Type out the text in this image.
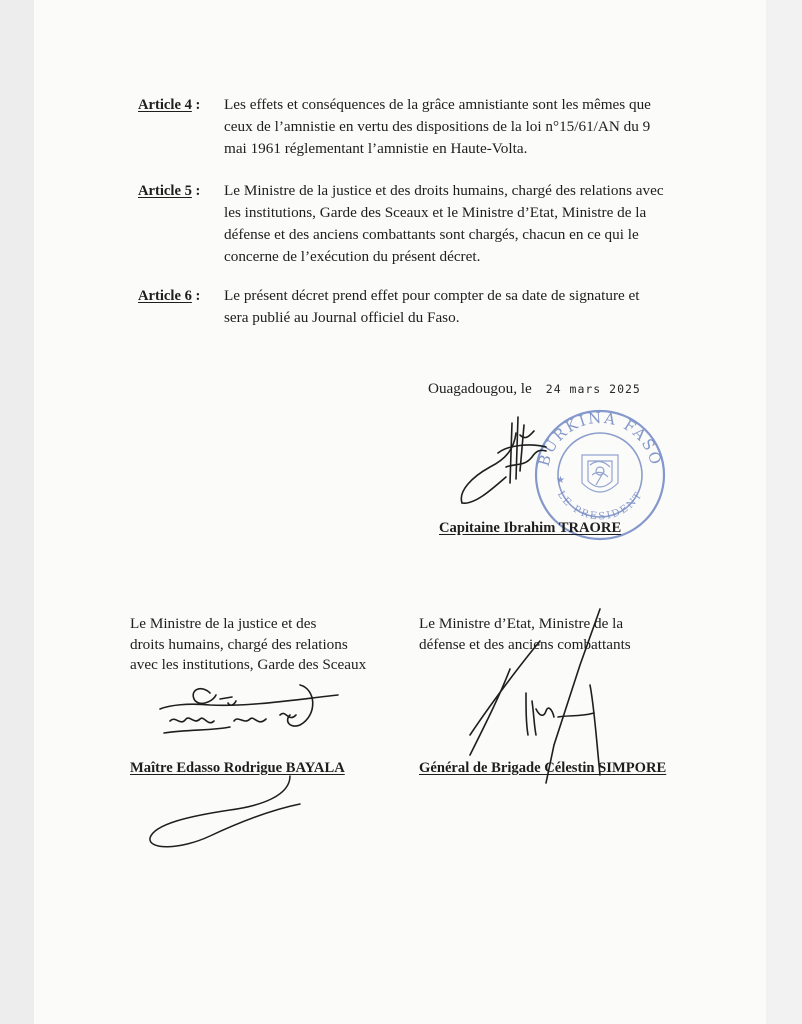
Article 4 :	Les effets et conséquences de la grâce amnistiante sont les mêmes que
ceux de l’amnistie en vertu des dispositions de la loi n°15/61/AN du 9
mai 1961 réglementant l’amnistie en Haute-Volta.
Article 5 :	Le Ministre de la justice et des droits humains, chargé des relations avec
les institutions, Garde des Sceaux et le Ministre d’Etat, Ministre de la
défense et des anciens combattants sont chargés, chacun en ce qui le
concerne de l’exécution du présent décret.
Article 6 :	Le présent décret prend effet pour compter de sa date de signature et
sera publié au Journal officiel du Faso.
Ouagadougou, le 24 mars 2025
BURKINA FASO
LE PRESIDENT
★
Capitaine Ibrahim TRAORE
Le Ministre de la justice et des
droits humains, chargé des relations
avec les institutions, Garde des Sceaux
Maître Edasso Rodrigue BAYALA
Le Ministre d’Etat, Ministre de la
défense et des anciens combattants
Général de Brigade Célestin SIMPORE
